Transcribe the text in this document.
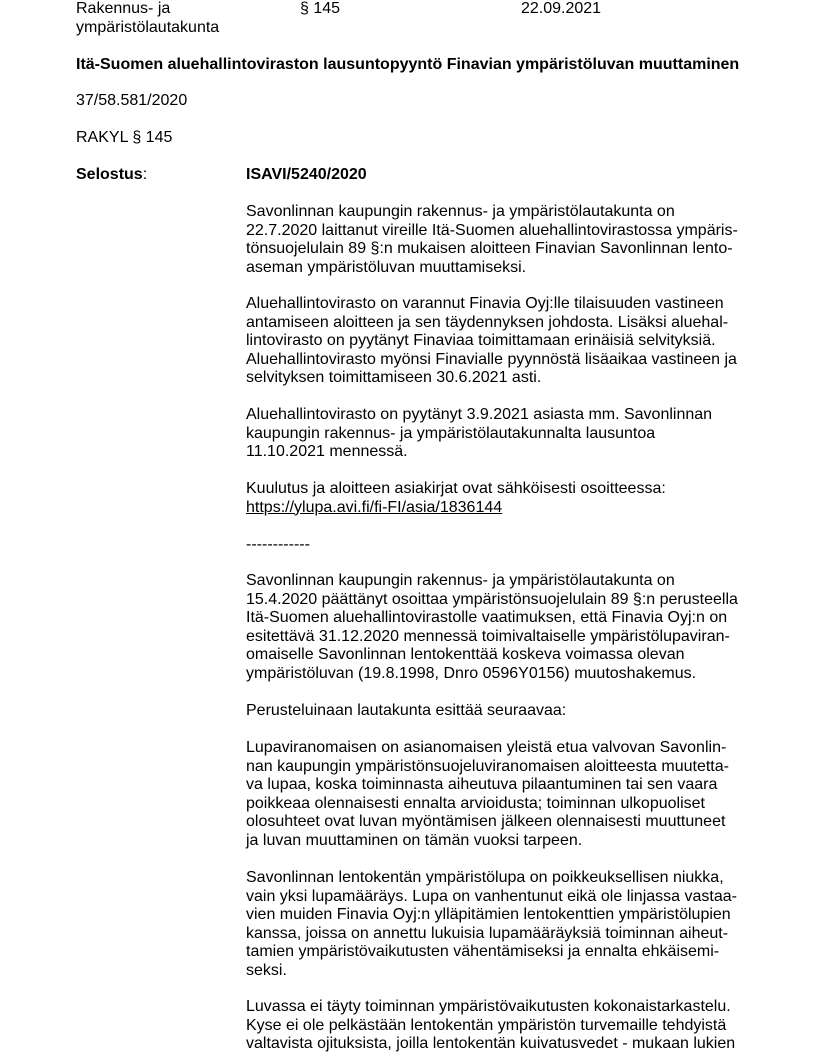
Rakennus- ja
ympäristölautakunta
§ 145	22.09.2021
Itä-Suomen aluehallintoviraston lausuntopyyntö Finavian ympäristöluvan muuttaminen
37/58.581/2020
RAKYL § 145
Selostus:	ISAVI/5240/2020
Savonlinnan kaupungin rakennus- ja ympäristölautakunta on
22.7.2020 laittanut vireille Itä-Suomen aluehallintovirastossa ympäris-
tönsuojelulain 89 §:n mukaisen aloitteen Finavian Savonlinnan lento-
aseman ympäristöluvan muuttamiseksi.
Aluehallintovirasto on varannut Finavia Oyj:lle tilaisuuden vastineen
antamiseen aloitteen ja sen täydennyksen johdosta. Lisäksi aluehal-
lintovirasto on pyytänyt Finaviaa toimittamaan erinäisiä selvityksiä.
Aluehallintovirasto myönsi Finavialle pyynnöstä lisäaikaa vastineen ja
selvityksen toimittamiseen 30.6.2021 asti.
Aluehallintovirasto on pyytänyt 3.9.2021 asiasta mm. Savonlinnan
kaupungin rakennus- ja ympäristölautakunnalta lausuntoa
11.10.2021 mennessä.
Kuulutus ja aloitteen asiakirjat ovat sähköisesti osoitteessa:
https://ylupa.avi.fi/fi-FI/asia/1836144
------------
Savonlinnan kaupungin rakennus- ja ympäristölautakunta on
15.4.2020 päättänyt osoittaa ympäristönsuojelulain 89 §:n perusteella
Itä-Suomen aluehallintovirastolle vaatimuksen, että Finavia Oyj:n on
esitettävä 31.12.2020 mennessä toimivaltaiselle ympäristölupaviran-
omaiselle Savonlinnan lentokenttää koskeva voimassa olevan
ympäristöluvan (19.8.1998, Dnro 0596Y0156) muutoshakemus.
Perusteluinaan lautakunta esittää seuraavaa:
Lupaviranomaisen on asianomaisen yleistä etua valvovan Savonlin-
nan kaupungin ympäristönsuojeluviranomaisen aloitteesta muutetta-
va lupaa, koska toiminnasta aiheutuva pilaantuminen tai sen vaara
poikkeaa olennaisesti ennalta arvioidusta; toiminnan ulkopuoliset
olosuhteet ovat luvan myöntämisen jälkeen olennaisesti muuttuneet
ja luvan muuttaminen on tämän vuoksi tarpeen.
Savonlinnan lentokentän ympäristölupa on poikkeuksellisen niukka,
vain yksi lupamääräys. Lupa on vanhentunut eikä ole linjassa vastaa-
vien muiden Finavia Oyj:n ylläpitämien lentokenttien ympäristölupien
kanssa, joissa on annettu lukuisia lupamääräyksiä toiminnan aiheut-
tamien ympäristövaikutusten vähentämiseksi ja ennalta ehkäisemi-
seksi.
Luvassa ei täyty toiminnan ympäristövaikutusten kokonaistarkastelu.
Kyse ei ole pelkästään lentokentän ympäristön turvemaille tehdyistä
valtavista ojituksista, joilla lentokentän kuivatusvedet - mukaan lukien
